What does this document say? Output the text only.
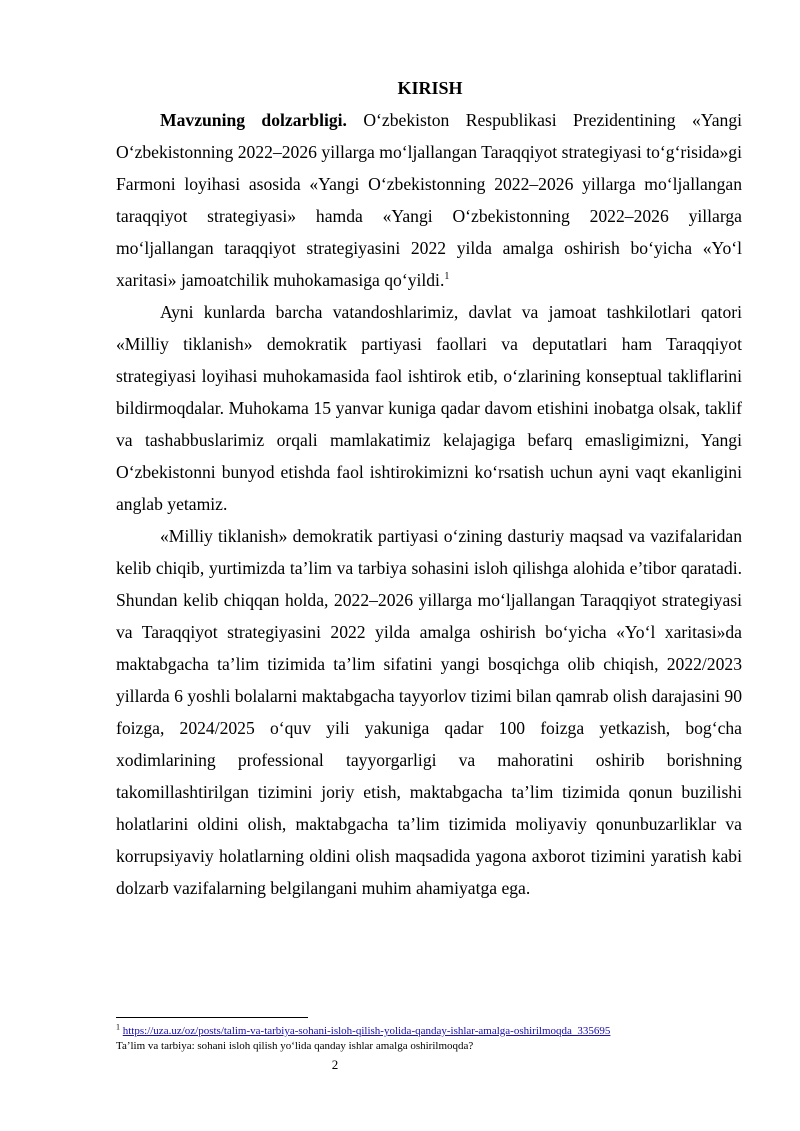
KIRISH

Mavzuning dolzarbligi. O‘zbekiston Respublikasi Prezidentining «Yangi O‘zbekistonning 2022–2026 yillarga mo‘ljallangan Taraqqiyot strategiyasi to‘g‘risida»gi Farmoni loyihasi asosida «Yangi O‘zbekistonning 2022–2026 yillarga mo‘ljallangan taraqqiyot strategiyasi» hamda «Yangi O‘zbekistonning 2022–2026 yillarga mo‘ljallangan taraqqiyot strategiyasini 2022 yilda amalga oshirish bo‘yicha «Yo‘l xaritasi» jamoatchilik muhokamasiga qo‘yildi.$^1$

Ayni kunlarda barcha vatandoshlarimiz, davlat va jamoat tashkilotlari qatori «Milliy tiklanish» demokratik partiyasi faollari va deputatlari ham Taraqqiyot strategiyasi loyihasi muhokamasida faol ishtirok etib, o‘zlarining konseptual takliflarini bildirmoqdalar. Muhokama 15 yanvar kuniga qadar davom etishini inobatga olsak, taklif va tashabbuslarimiz orqali mamlakatimiz kelajagiga befarq emasligimizni, Yangi O‘zbekistonni bunyod etishda faol ishtirokimizni ko‘rsatish uchun ayni vaqt ekanligini anglab yetamiz.

«Milliy tiklanish» demokratik partiyasi o‘zining dasturiy maqsad va vazifalaridan kelib chiqib, yurtimizda ta’lim va tarbiya sohasini isloh qilishga alohida e’tibor qaratadi. Shundan kelib chiqqan holda, 2022–2026 yillarga mo‘ljallangan Taraqqiyot strategiyasi va Taraqqiyot strategiyasini 2022 yilda amalga oshirish bo‘yicha «Yo‘l xaritasi»da maktabgacha ta’lim tizimida ta’lim sifatini yangi bosqichga olib chiqish, 2022/2023 yillarda 6 yoshli bolalarni maktabgacha tayyorlov tizimi bilan qamrab olish darajasini 90 foizga, 2024/2025 o‘quv yili yakuniga qadar 100 foizga yetkazish, bog‘cha xodimlarining professional tayyorgarligi va mahoratini oshirib borishning takomillashtirilgan tizimini joriy etish, maktabgacha ta’lim tizimida qonun buzilishi holatlarini oldini olish, maktabgacha ta’lim tizimida moliyaviy qonunbuzarliklar va korrupsiyaviy holatlarning oldini olish maqsadida yagona axborot tizimini yaratish kabi dolzarb vazifalarning belgilangani muhim ahamiyatga ega.

$^1$ https://uza.uz/oz/posts/talim-va-tarbiya-sohani-isloh-qilish-yolida-qanday-ishlar-amalga-oshirilmoqda_335695
Ta’lim va tarbiya: sohani isloh qilish yo‘lida qanday ishlar amalga oshirilmoqda?
2
